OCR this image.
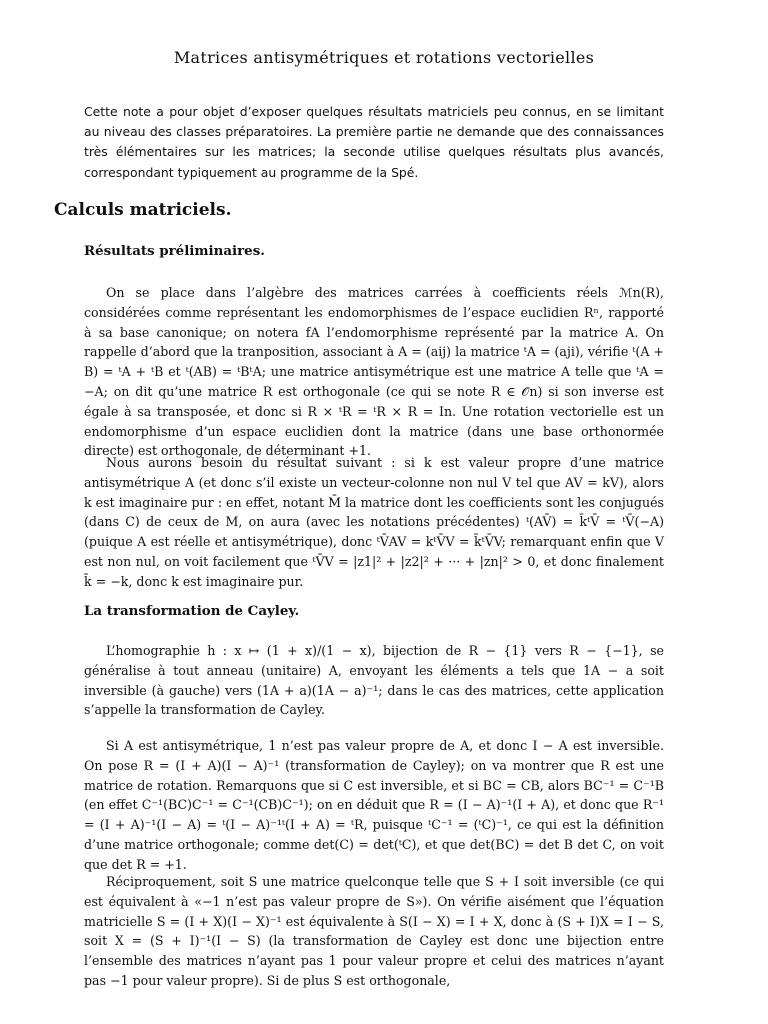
Matrices antisymétriques et rotations vectorielles

Cette note a pour objet d’exposer quelques résultats matriciels peu connus, en se limitant au niveau des classes préparatoires. La première partie ne demande que des connaissances très élémentaires sur les matrices; la seconde utilise quelques résultats plus avancés, correspondant typiquement au programme de la Spé.

Calculs matriciels.
Résultats préliminaires.

On se place dans l’algèbre des matrices carrées à coefficients réels ℳn(R), considérées comme représentant les endomorphismes de l’espace euclidien Rⁿ, rapporté à sa base canonique; on notera fA l’endomorphisme représenté par la matrice A. On rappelle d’abord que la tranposition, associant à A = (aij) la matrice ᵗA = (aji), vérifie ᵗ(A + B) = ᵗA + ᵗB et ᵗ(AB) = ᵗBᵗA; une matrice antisymétrique est une matrice A telle que ᵗA = −A; on dit qu’une matrice R est orthogonale (ce qui se note R ∈ 𝒪n) si son inverse est égale à sa transposée, et donc si R × ᵗR = ᵗR × R = In. Une rotation vectorielle est un endomorphisme d’un espace euclidien dont la matrice (dans une base orthonormée directe) est orthogonale, de déterminant +1.

Nous aurons besoin du résultat suivant : si k est valeur propre d’une matrice antisymétrique A (et donc s’il existe un vecteur-colonne non nul V tel que AV = kV), alors k est imaginaire pur : en effet, notant M̄ la matrice dont les coefficients sont les conjugués (dans C) de ceux de M, on aura (avec les notations précédentes) ᵗ(AV̄) = k̄ᵗV̄ = ᵗV̄(−A) (puique A est réelle et antisymétrique), donc ᵗV̄AV = kᵗV̄V = k̄ᵗV̄V; remarquant enfin que V est non nul, on voit facilement que ᵗV̄V = |z1|² + |z2|² + ··· + |zn|² > 0, et donc finalement k̄ = −k, donc k est imaginaire pur.

La transformation de Cayley.

L’homographie h : x ↦ (1 + x)/(1 − x), bijection de R − {1} vers R − {−1}, se généralise à tout anneau (unitaire) A, envoyant les éléments a tels que 1A − a soit inversible (à gauche) vers (1A + a)(1A − a)⁻¹; dans le cas des matrices, cette application s’appelle la transformation de Cayley.

Si A est antisymétrique, 1 n’est pas valeur propre de A, et donc I − A est inversible. On pose R = (I + A)(I − A)⁻¹ (transformation de Cayley); on va montrer que R est une matrice de rotation. Remarquons que si C est inversible, et si BC = CB, alors BC⁻¹ = C⁻¹B (en effet C⁻¹(BC)C⁻¹ = C⁻¹(CB)C⁻¹); on en déduit que R = (I − A)⁻¹(I + A), et donc que R⁻¹ = (I + A)⁻¹(I − A) = ᵗ(I − A)⁻¹ᵗ(I + A) = ᵗR, puisque ᵗC⁻¹ = (ᵗC)⁻¹, ce qui est la définition d’une matrice orthogonale; comme det(C) = det(ᵗC), et que det(BC) = det B det C, on voit que det R = +1.

Réciproquement, soit S une matrice quelconque telle que S + I soit inversible (ce qui est équivalent à «−1 n’est pas valeur propre de S»). On vérifie aisément que l’équation matricielle S = (I + X)(I − X)⁻¹ est équivalente à S(I − X) = I + X, donc à (S + I)X = I − S, soit X = (S + I)⁻¹(I − S) (la transformation de Cayley est donc une bijection entre l’ensemble des matrices n’ayant pas 1 pour valeur propre et celui des matrices n’ayant pas −1 pour valeur propre). Si de plus S est orthogonale,
